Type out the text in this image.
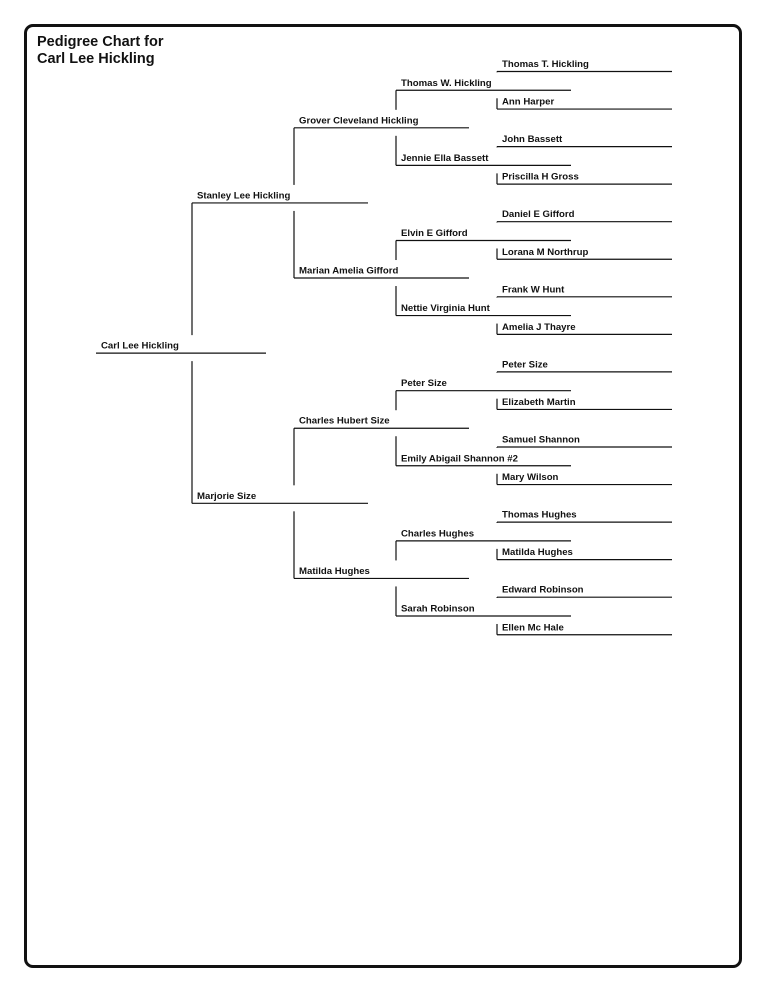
Pedigree Chart for
Carl Lee Hickling
Carl Lee Hickling
Stanley Lee Hickling
Marjorie Size
Grover Cleveland Hickling
Marian Amelia Gifford
Charles Hubert Size
Matilda Hughes
Thomas W. Hickling
Jennie Ella Bassett
Elvin E Gifford
Nettie Virginia Hunt
Peter Size
Emily Abigail Shannon #2
Charles Hughes
Sarah Robinson
Thomas T. Hickling
Ann Harper
John Bassett
Priscilla H Gross
Daniel E Gifford
Lorana M Northrup
Frank W Hunt
Amelia J Thayre
Peter Size
Elizabeth Martin
Samuel Shannon
Mary Wilson
Thomas Hughes
Matilda Hughes
Edward Robinson
Ellen Mc Hale
